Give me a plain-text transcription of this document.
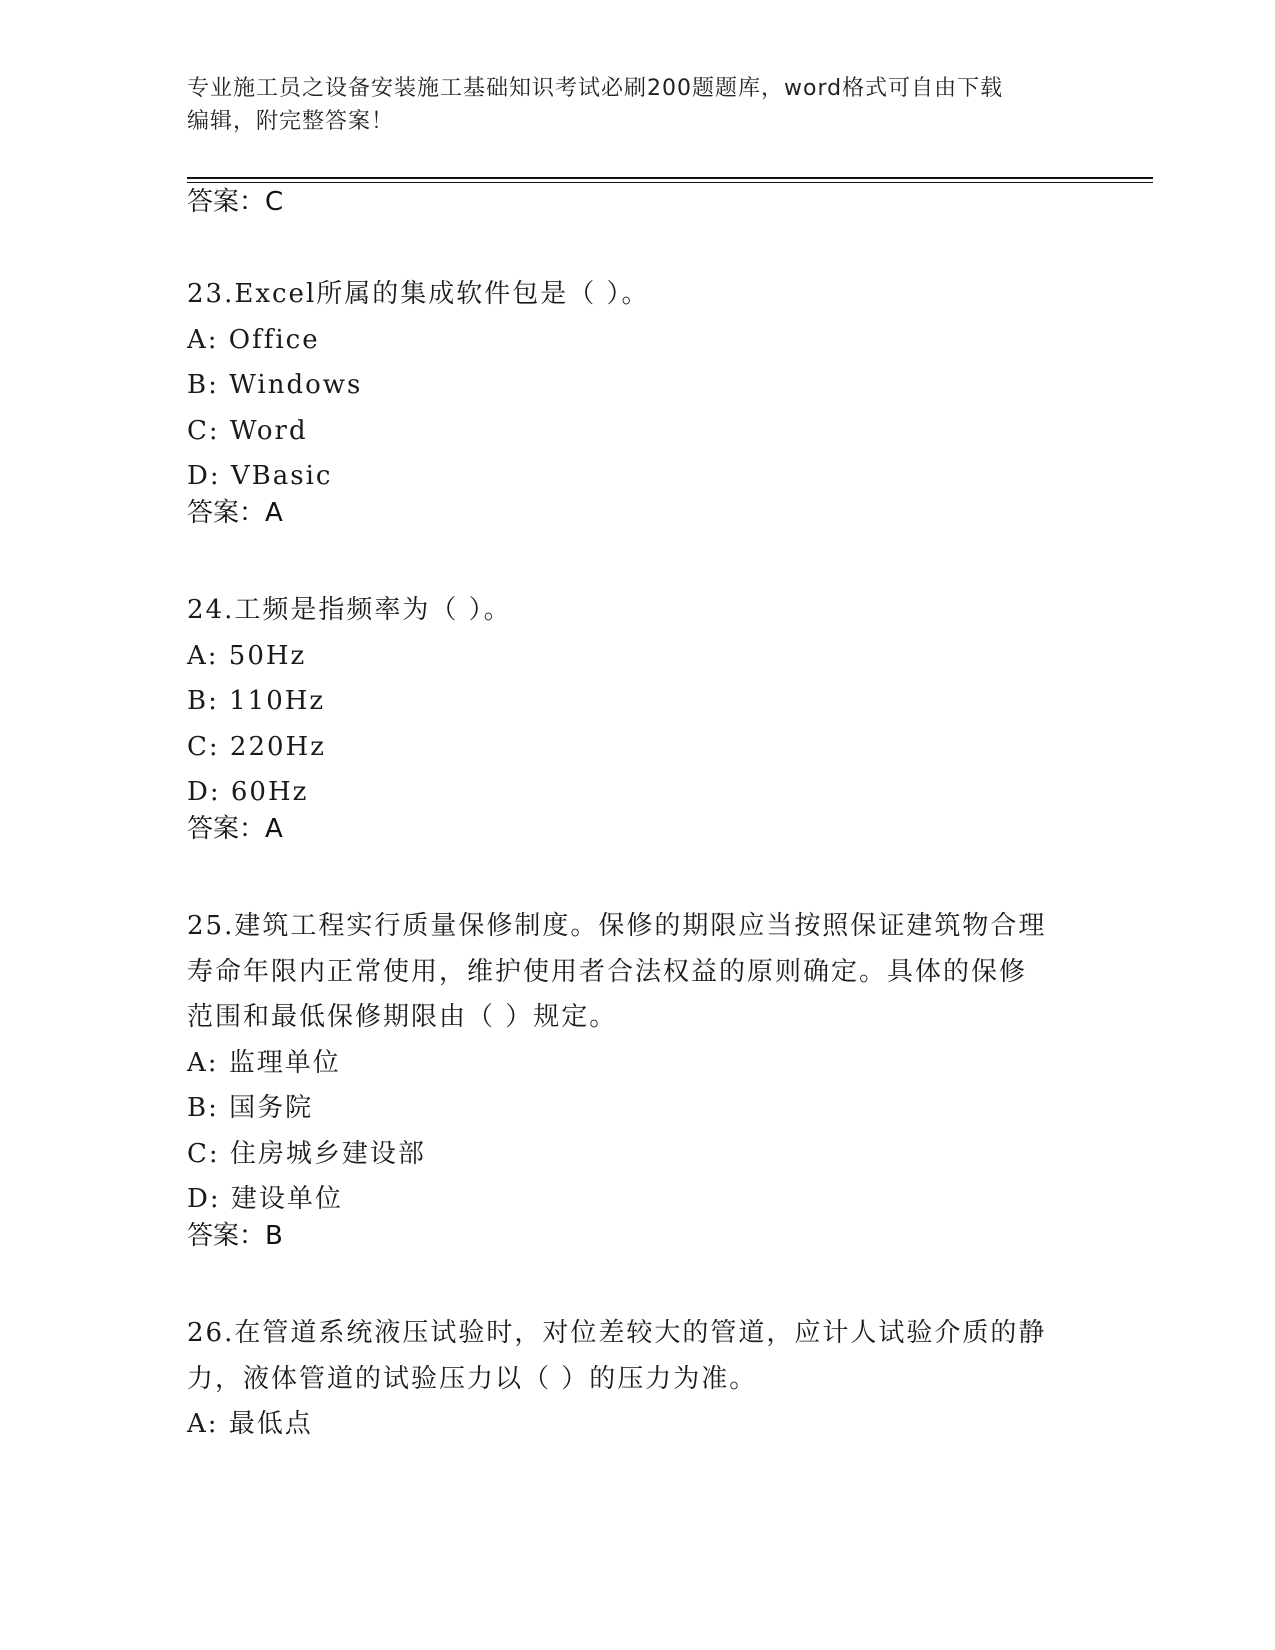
专业施工员之设备安装施工基础知识考试必刷200题题库，word格式可自由下载
编辑，附完整答案！
答案：C

23.Excel所属的集成软件包是（ ）。

A: Office

B: Windows

C: Word

D: VBasic

答案：A

24.工频是指频率为（ ）。

A: 50Hz

B: 110Hz

C: 220Hz

D: 60Hz

答案：A

25.建筑工程实行质量保修制度。保修的期限应当按照保证建筑物合理

寿命年限内正常使用，维护使用者合法权益的原则确定。具体的保修

范围和最低保修期限由（ ）规定。

A: 监理单位

B: 国务院

C: 住房城乡建设部

D: 建设单位

答案：B

26.在管道系统液压试验时，对位差较大的管道，应计人试验介质的静

力，液体管道的试验压力以（ ）的压力为准。

A: 最低点
